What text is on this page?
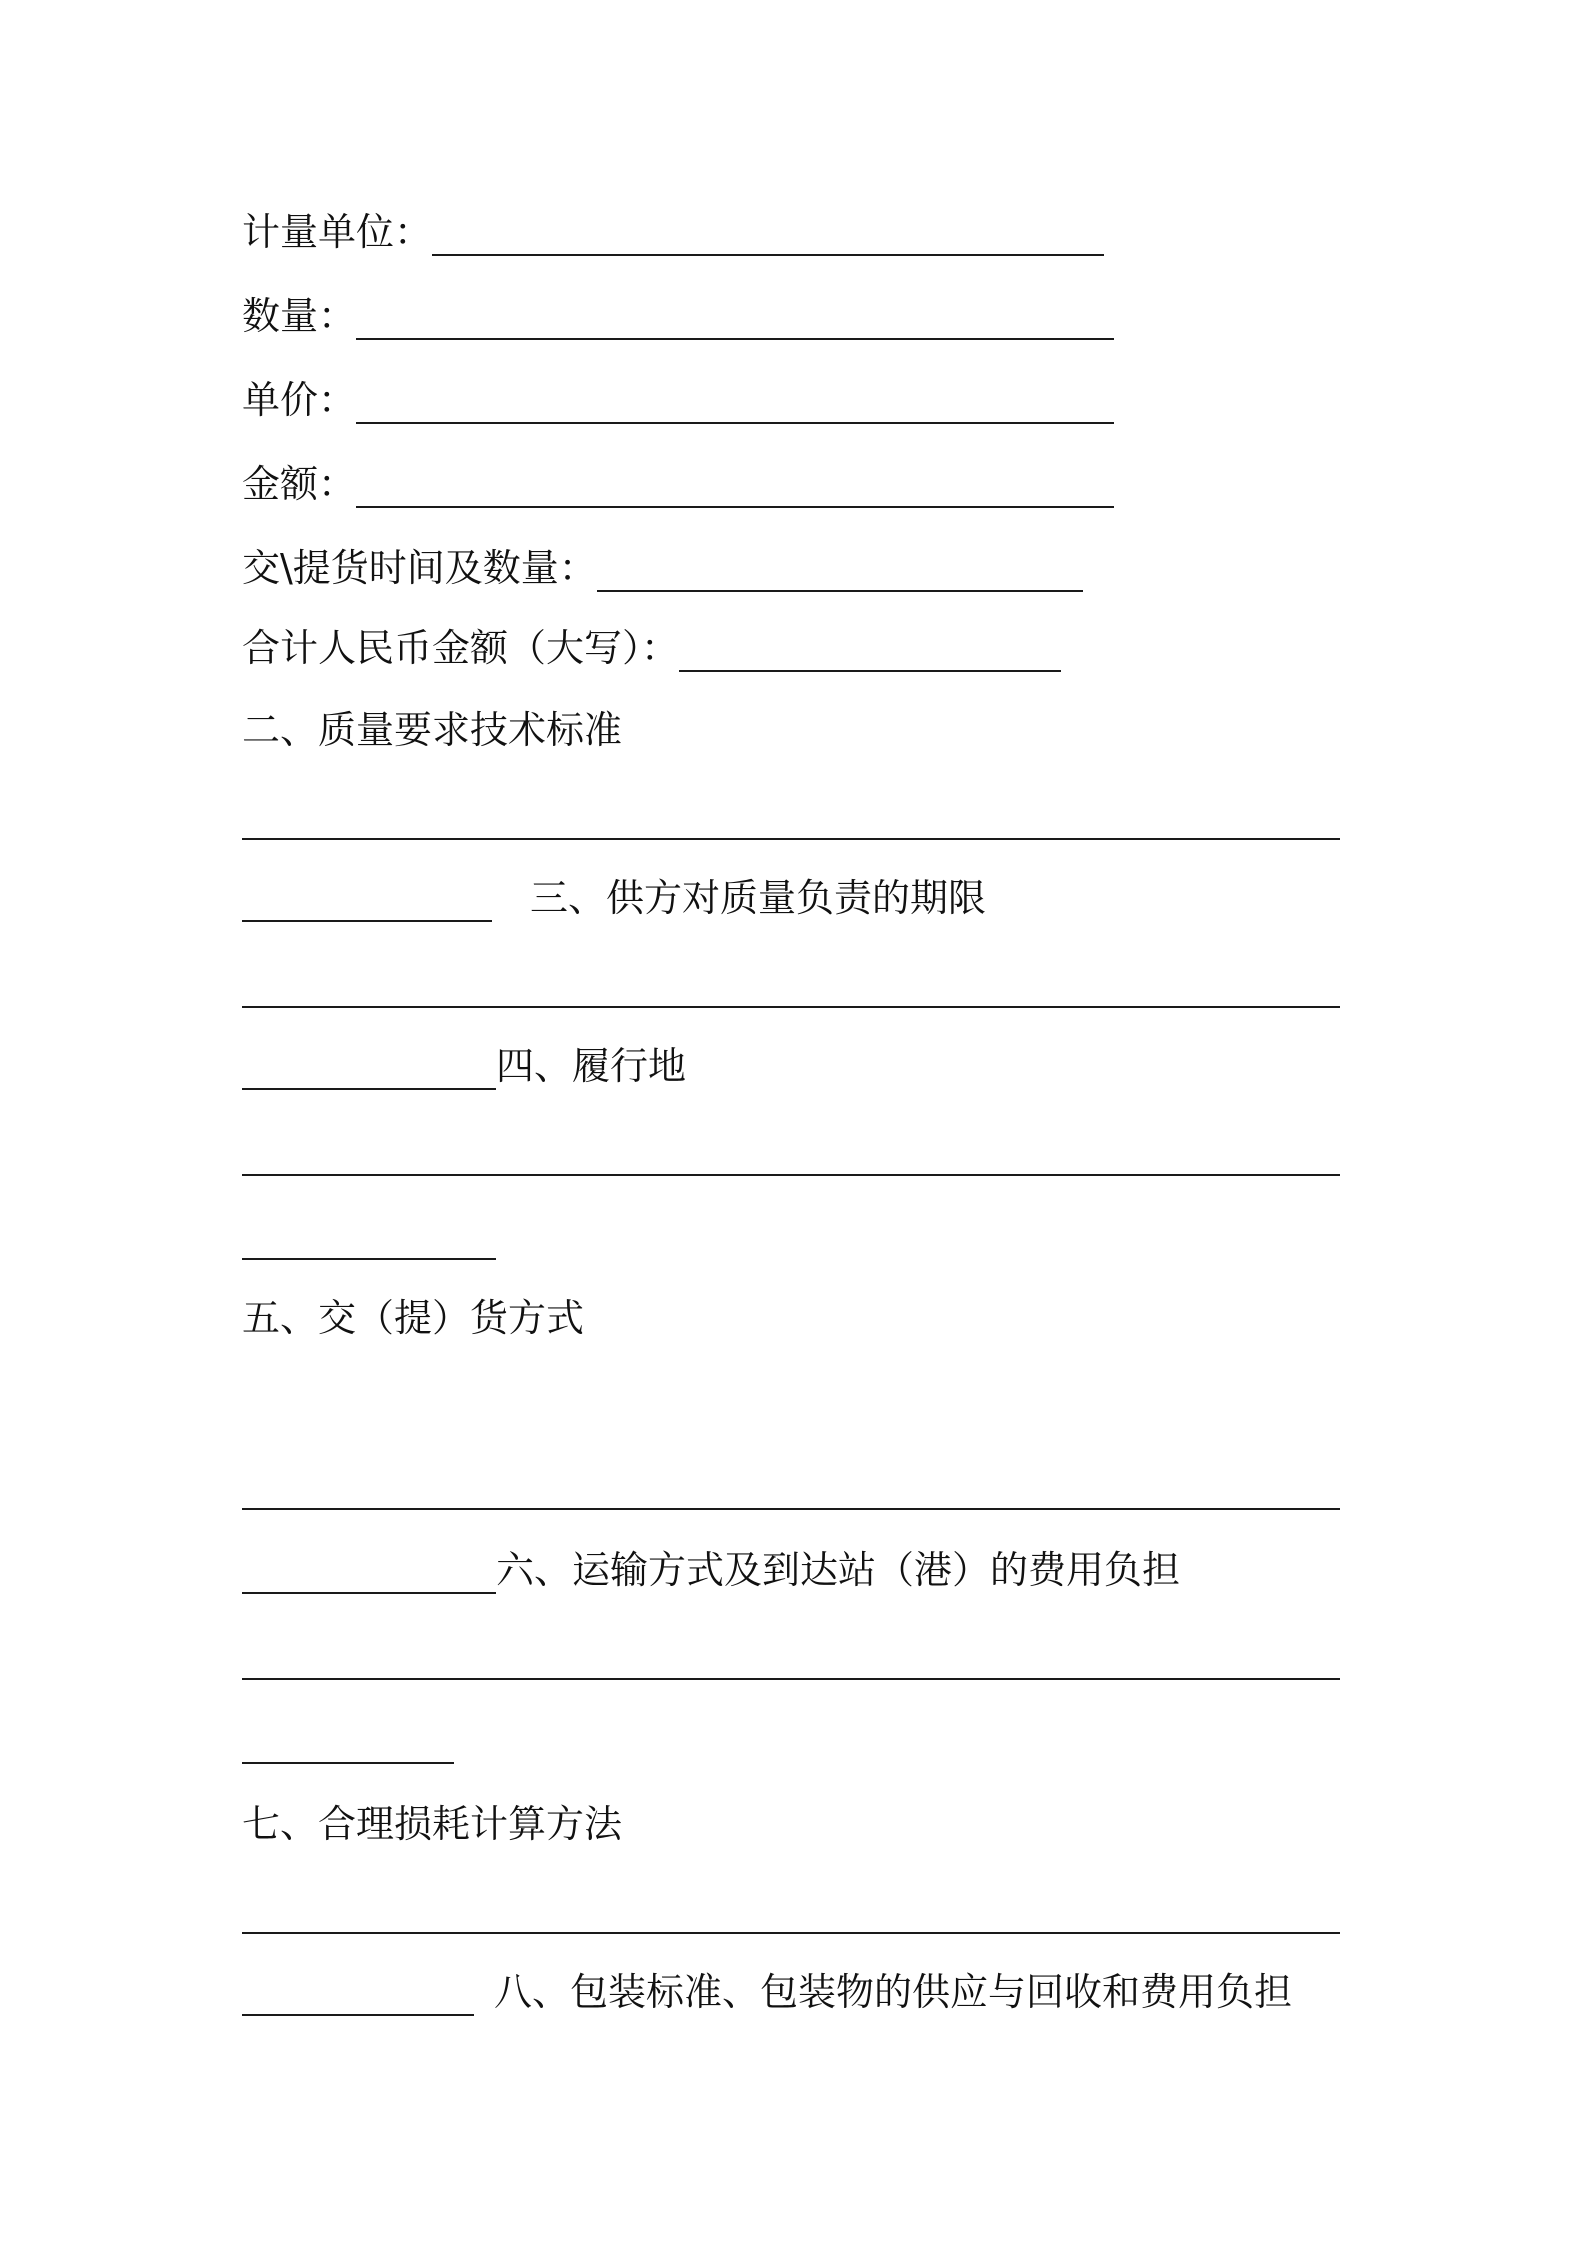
计量单位：
数量：
单价：
金额：
交\提货时间及数量：
合计人民币金额（大写）：
二、质量要求技术标准
三、供方对质量负责的期限
四、履行地
五、交（提）货方式
六、运输方式及到达站（港）的费用负担
七、合理损耗计算方法
八、包装标准、包装物的供应与回收和费用负担
